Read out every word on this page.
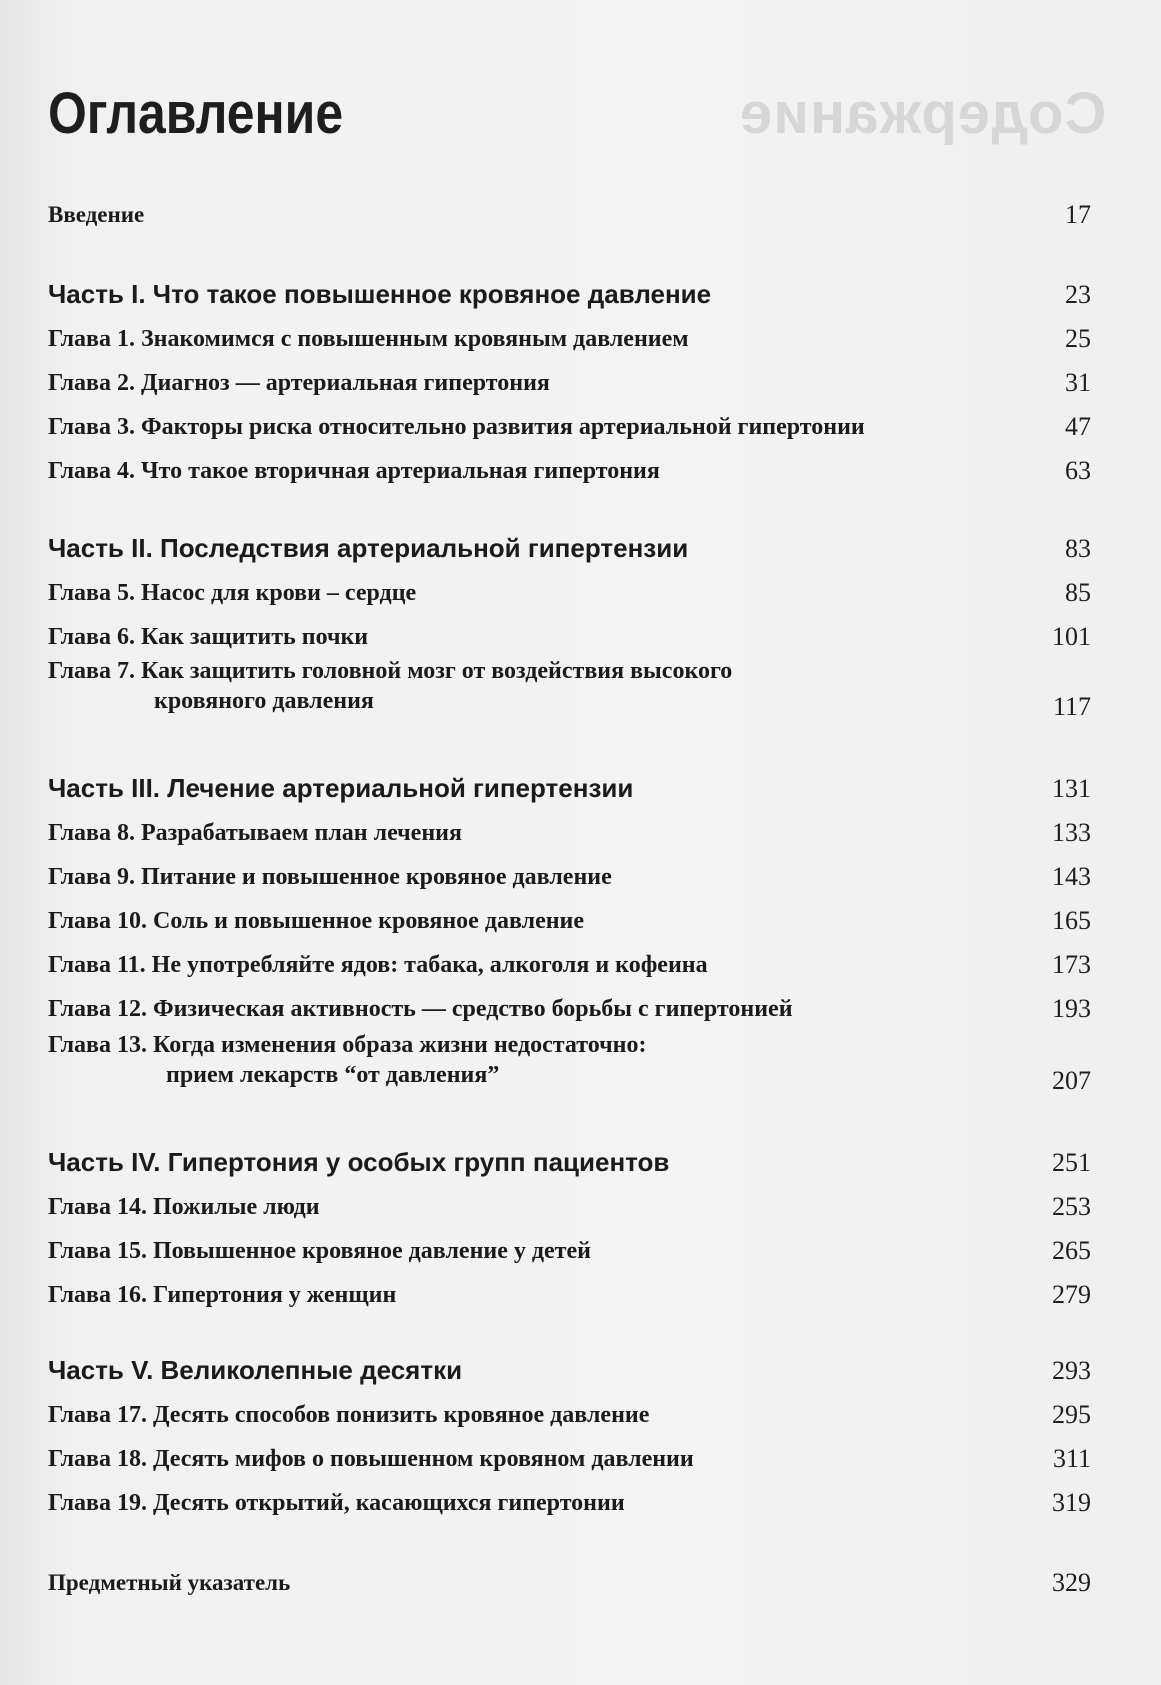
Содержание
Оглавление
Введение	17
Часть I. Что такое повышенное кровяное давление	23
Глава 1. Знакомимся с повышенным кровяным давлением	25
Глава 2. Диагноз — артериальная гипертония	31
Глава 3. Факторы риска относительно развития артериальной гипертонии	47
Глава 4. Что такое вторичная артериальная гипертония	63
Часть II. Последствия артериальной гипертензии	83
Глава 5. Насос для крови – сердце	85
Глава 6. Как защитить почки	101
Глава 7. Как защитить головной мозг от воздействия высокого
кровяного давления	117
Часть III. Лечение артериальной гипертензии	131
Глава 8. Разрабатываем план лечения	133
Глава 9. Питание и повышенное кровяное давление	143
Глава 10. Соль и повышенное кровяное давление	165
Глава 11. Не употребляйте ядов: табака, алкоголя и кофеина	173
Глава 12. Физическая активность — средство борьбы с гипертонией	193
Глава 13. Когда изменения образа жизни недостаточно:
прием лекарств “от давления”	207
Часть IV. Гипертония у особых групп пациентов	251
Глава 14. Пожилые люди	253
Глава 15. Повышенное кровяное давление у детей	265
Глава 16. Гипертония у женщин	279
Часть V. Великолепные десятки	293
Глава 17. Десять способов понизить кровяное давление	295
Глава 18. Десять мифов о повышенном кровяном давлении	311
Глава 19. Десять открытий, касающихся гипертонии	319
Предметный указатель	329
